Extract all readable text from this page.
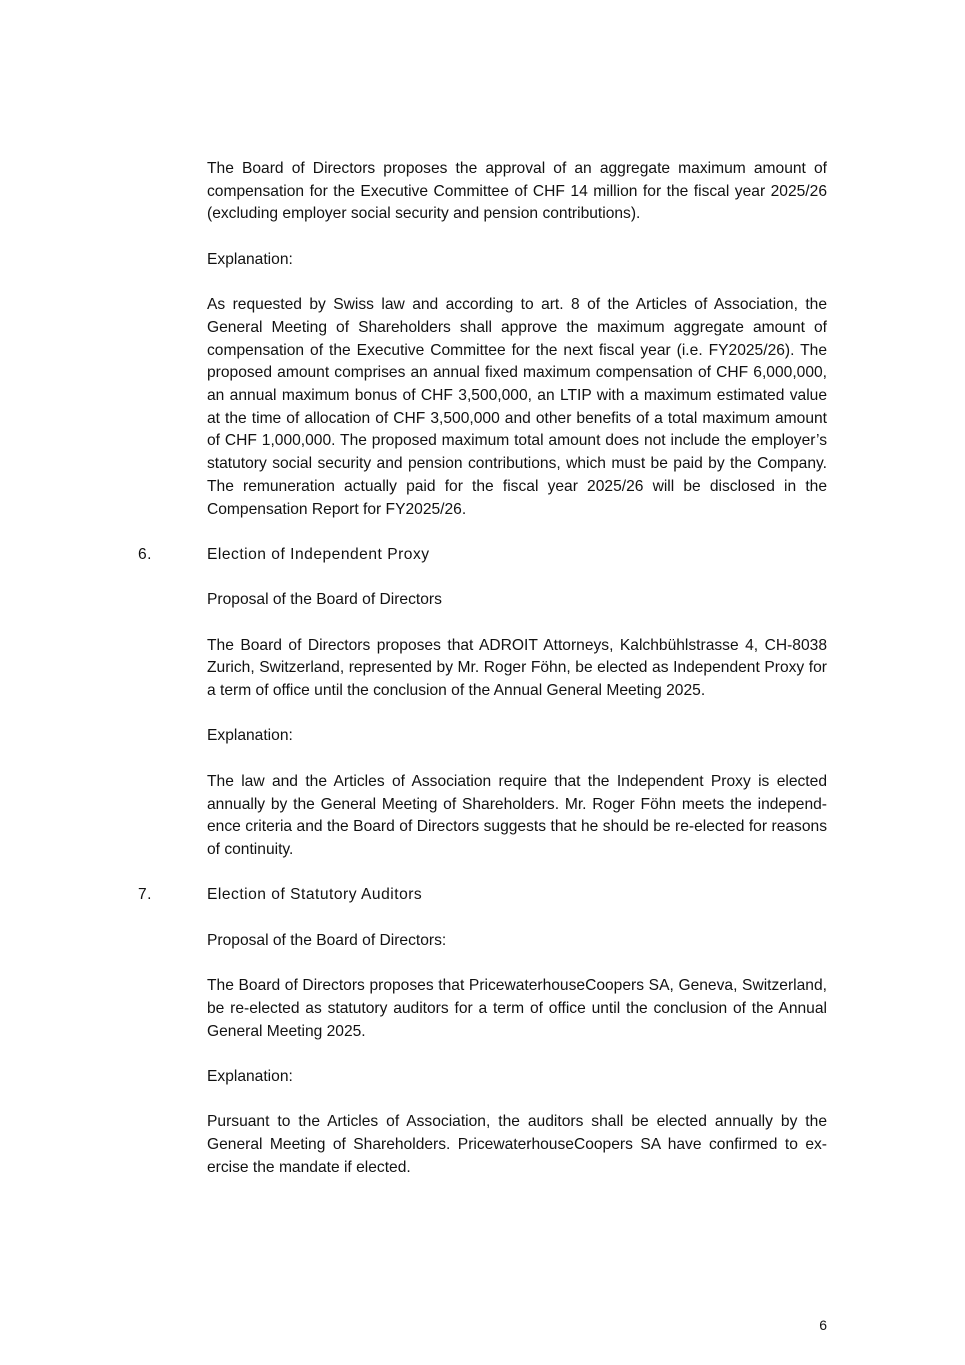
The Board of Directors proposes the approval of an aggregate maximum amount of compensation for the Executive Committee of CHF 14 million for the fiscal year 2025/26 (excluding employer social security and pension contributions).

Explanation:

As requested by Swiss law and according to art. 8 of the Articles of Association, the General Meeting of Shareholders shall approve the maximum aggregate amount of compensation of the Executive Committee for the next fiscal year (i.e. FY2025/26). The proposed amount comprises an annual fixed maximum compensation of CHF 6,000,000, an annual maximum bonus of CHF 3,500,000, an LTIP with a maximum estimated value at the time of allocation of CHF 3,500,000 and other benefits of a total maximum amount of CHF 1,000,000. The proposed maximum total amount does not include the employer’s statutory social security and pension contributions, which must be paid by the Company. The remuneration actually paid for the fiscal year 2025/26 will be disclosed in the Compensation Report for FY2025/26.

6.	Election of Independent Proxy

Proposal of the Board of Directors

The Board of Directors proposes that ADROIT Attorneys, Kalchbühlstrasse 4, CH-8038 Zurich, Switzerland, represented by Mr. Roger Föhn, be elected as Independent Proxy for a term of office until the conclusion of the Annual General Meeting 2025.

Explanation:

The law and the Articles of Association require that the Independent Proxy is elected annually by the General Meeting of Shareholders. Mr. Roger Föhn meets the independence criteria and the Board of Directors suggests that he should be re-elected for reasons of continuity.

7.	Election of Statutory Auditors

Proposal of the Board of Directors:

The Board of Directors proposes that PricewaterhouseCoopers SA, Geneva, Switzerland, be re-elected as statutory auditors for a term of office until the conclusion of the Annual General Meeting 2025.

Explanation:

Pursuant to the Articles of Association, the auditors shall be elected annually by the General Meeting of Shareholders. PricewaterhouseCoopers SA have confirmed to exercise the mandate if elected.

6
